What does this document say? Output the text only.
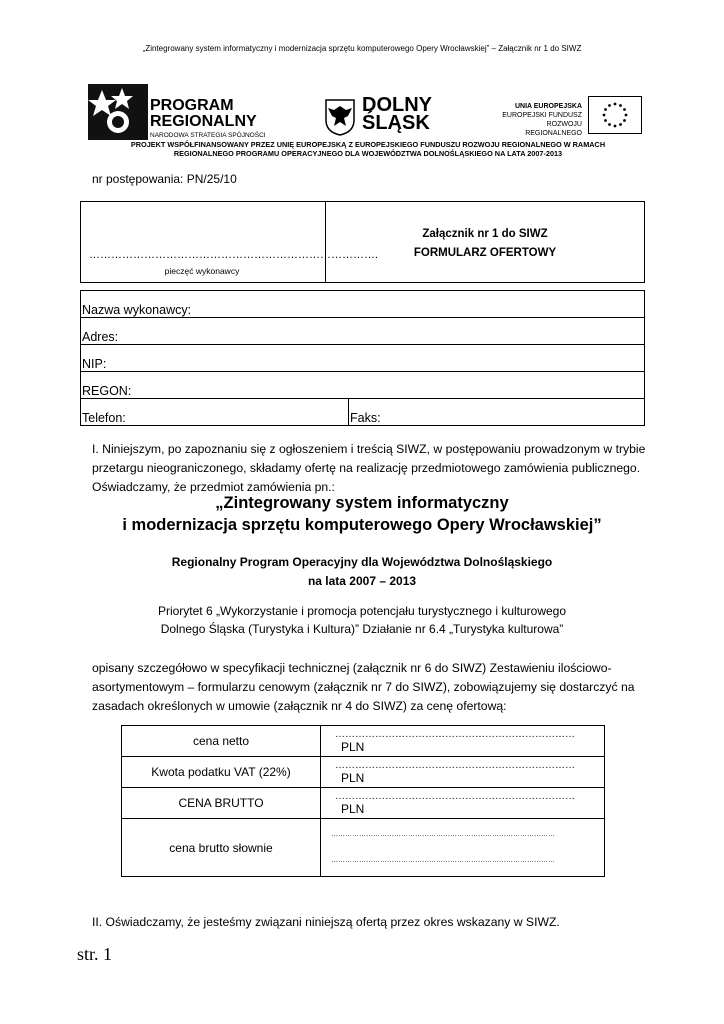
„Zintegrowany system informatyczny i modernizacja sprzętu komputerowego Opery Wrocławskiej” – Załącznik nr 1 do SIWZ
PROGRAM
REGIONALNY
NARODOWA STRATEGIA SPÓJNOŚCI
DOLNY
ŚLĄSK
UNIA EUROPEJSKA
EUROPEJSKI FUNDUSZ
ROZWOJU REGIONALNEGO
PROJEKT WSPÓŁFINANSOWANY PRZEZ UNIĘ EUROPEJSKĄ Z EUROPEJSKIEGO FUNDUSZU ROZWOJU REGIONALNEGO W RAMACH
REGIONALNEGO PROGRAMU OPERACYJNEGO DLA WOJEWÓDZTWA DOLNOŚLĄSKIEGO NA LATA 2007-2013
nr postępowania: PN/25/10
…………………………………………………………………….
pieczęć wykonawcy

Załącznik nr 1 do SIWZ
FORMULARZ OFERTOWY
Nazwa wykonawcy:
Adres:
NIP:
REGON:
Telefon:	Faks:
I. Niniejszym, po zapoznaniu się z ogłoszeniem i treścią SIWZ, w postępowaniu prowadzonym w trybie
przetargu nieograniczonego, składamy ofertę na realizację przedmiotowego zamówienia publicznego.
Oświadczamy, że przedmiot zamówienia pn.:
„Zintegrowany system informatyczny
i modernizacja sprzętu komputerowego Opery Wrocławskiej”
Regionalny Program Operacyjny dla Województwa Dolnośląskiego
na lata 2007 – 2013
Priorytet 6 „Wykorzystanie i promocja potencjału turystycznego i kulturowego
Dolnego Śląska (Turystyka i Kultura)” Działanie nr 6.4 „Turystyka kulturowa”
opisany szczegółowo w specyfikacji technicznej (załącznik nr 6 do SIWZ) Zestawieniu ilościowo-
asortymentowym – formularzu cenowym (załącznik nr 7 do SIWZ), zobowiązujemy się dostarczyć na
zasadach określonych w umowie (załącznik nr 4 do SIWZ) za cenę ofertową:
cena netto	……………………………………………………………… PLN
Kwota podatku VAT (22%)	……………………………………………………………… PLN
CENA BRUTTO	……………………………………………………………… PLN
cena brutto słownie	……………………………………………………………………………………
……………………………………………………………………………………
II. Oświadczamy, że jesteśmy związani niniejszą ofertą przez okres wskazany w SIWZ.
str. 1
